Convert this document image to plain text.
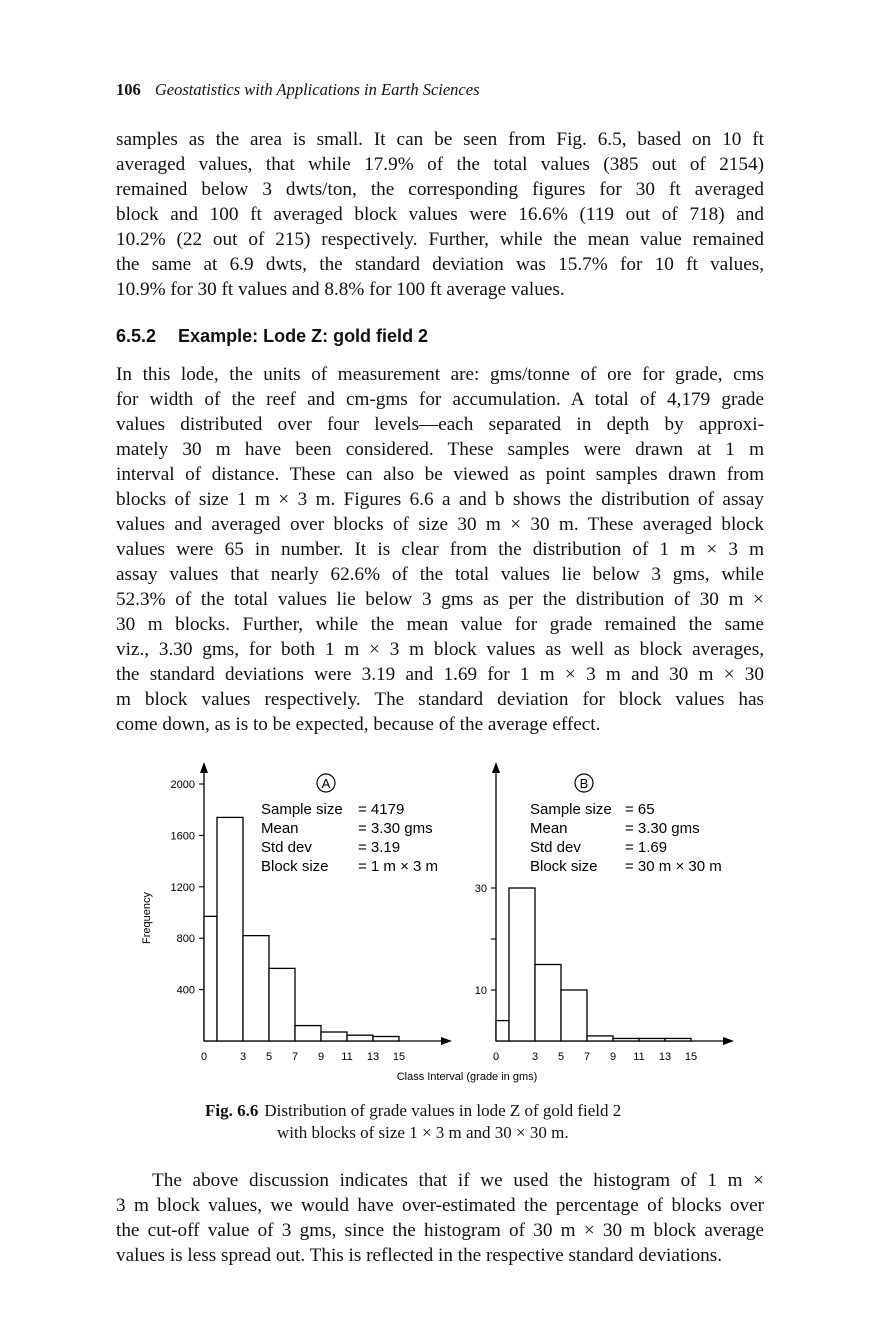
106 Geostatistics with Applications in Earth Sciences
samples as the area is small. It can be seen from Fig. 6.5, based on 10 ft
averaged values, that while 17.9% of the total values (385 out of 2154)
remained below 3 dwts/ton, the corresponding figures for 30 ft averaged
block and 100 ft averaged block values were 16.6% (119 out of 718) and
10.2% (22 out of 215) respectively. Further, while the mean value remained
the same at 6.9 dwts, the standard deviation was 15.7% for 10 ft values,
10.9% for 30 ft values and 8.8% for 100 ft average values.
6.5.2 Example: Lode Z: gold field 2
In this lode, the units of measurement are: gms/tonne of ore for grade, cms
for width of the reef and cm-gms for accumulation. A total of 4,179 grade
values distributed over four levels—each separated in depth by approxi-
mately 30 m have been considered. These samples were drawn at 1 m
interval of distance. These can also be viewed as point samples drawn from
blocks of size 1 m × 3 m. Figures 6.6 a and b shows the distribution of assay
values and averaged over blocks of size 30 m × 30 m. These averaged block
values were 65 in number. It is clear from the distribution of 1 m × 3 m
assay values that nearly 62.6% of the total values lie below 3 gms, while
52.3% of the total values lie below 3 gms as per the distribution of 30 m ×
30 m blocks. Further, while the mean value for grade remained the same
viz., 3.30 gms, for both 1 m × 3 m block values as well as block averages,
the standard deviations were 3.19 and 1.69 for 1 m × 3 m and 30 m × 30
m block values respectively. The standard deviation for block values has
come down, as is to be expected, because of the average effect.
400
800
1200
1600
2000
0	3 5 7 9 11 13 15
A
Sample size = 4179
Mean	= 3.30 gms
Std dev	= 3.19
Block size = 1 m × 3 m
Frequency
10
30
0	3 5 7 9 11 13 15
B
Sample size = 65
Mean	= 3.30 gms
Std dev	= 1.69
Block size = 30 m × 30 m
Class Interval (grade in gms)
Fig. 6.6 Distribution of grade values in lode Z of gold field 2
with blocks of size 1 × 3 m and 30 × 30 m.
The above discussion indicates that if we used the histogram of 1 m ×
3 m block values, we would have over-estimated the percentage of blocks over
the cut-off value of 3 gms, since the histogram of 30 m × 30 m block average
values is less spread out. This is reflected in the respective standard deviations.
